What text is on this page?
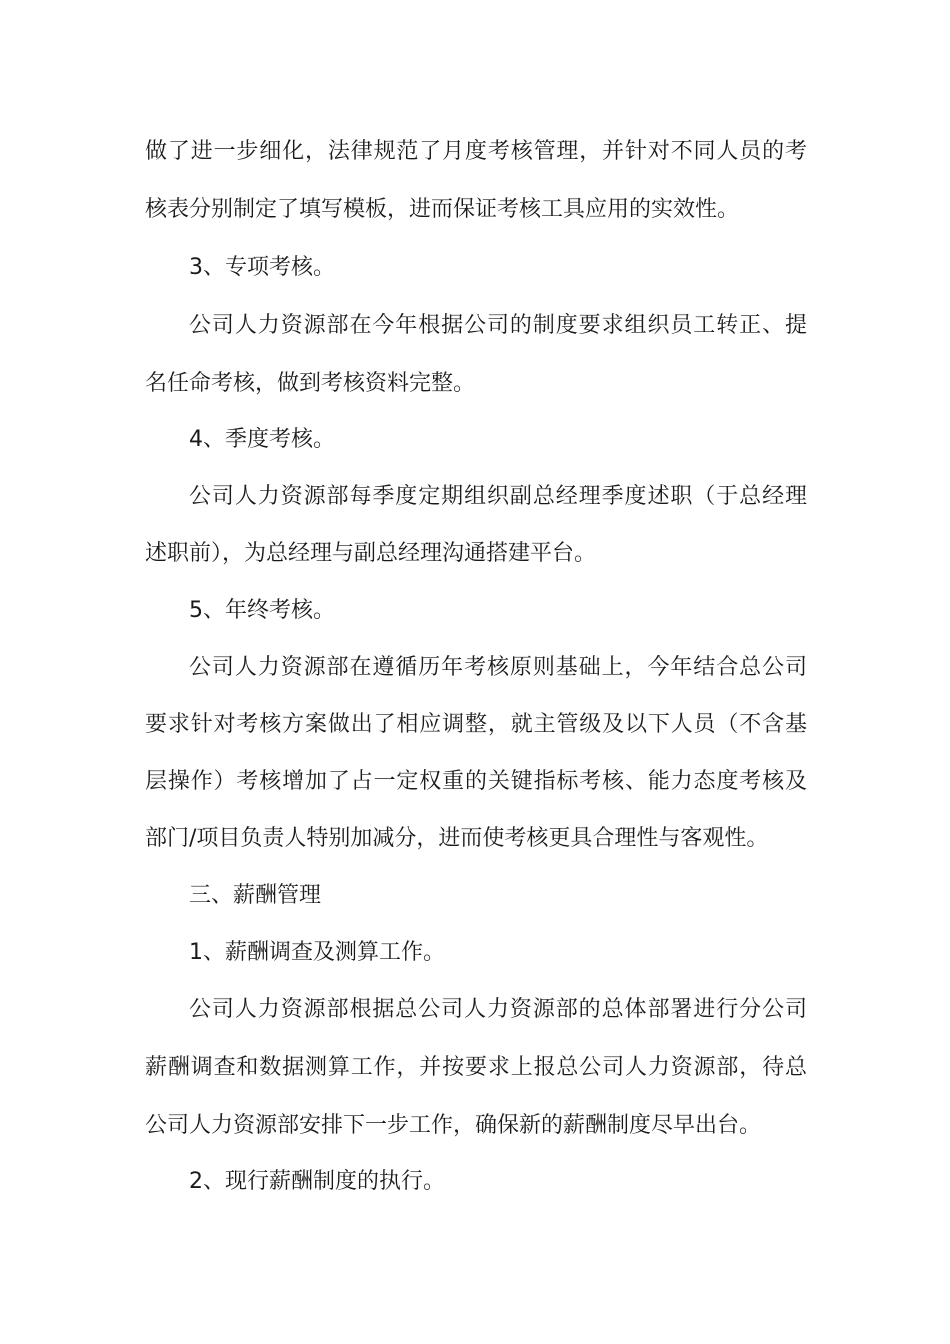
做了进一步细化，法律规范了月度考核管理，并针对不同人员的考
核表分别制定了填写模板，进而保证考核工具应用的实效性。
3、专项考核。
公司人力资源部在今年根据公司的制度要求组织员工转正、提
名任命考核，做到考核资料完整。
4、季度考核。
公司人力资源部每季度定期组织副总经理季度述职（于总经理
述职前），为总经理与副总经理沟通搭建平台。
5、年终考核。
公司人力资源部在遵循历年考核原则基础上，今年结合总公司
要求针对考核方案做出了相应调整，就主管级及以下人员（不含基
层操作）考核增加了占一定权重的关键指标考核、能力态度考核及
部门/项目负责人特别加减分，进而使考核更具合理性与客观性。
三、薪酬管理
1、薪酬调查及测算工作。
公司人力资源部根据总公司人力资源部的总体部署进行分公司
薪酬调查和数据测算工作，并按要求上报总公司人力资源部，待总
公司人力资源部安排下一步工作，确保新的薪酬制度尽早出台。
2、现行薪酬制度的执行。
